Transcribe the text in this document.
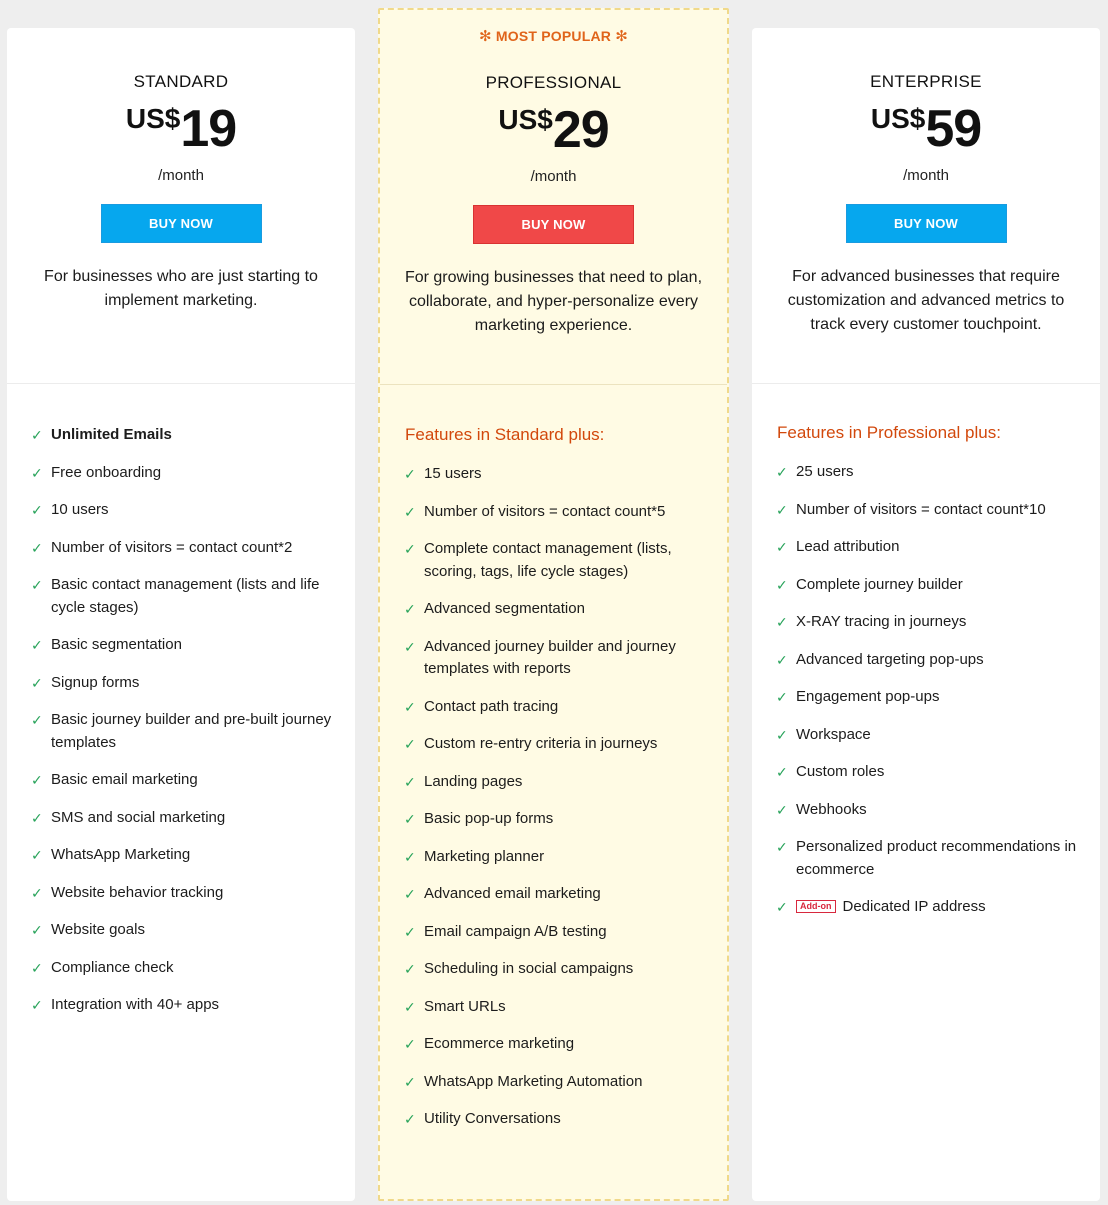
STANDARD
US$19
/month
BUY NOW

For businesses who are just starting to implement marketing.

✓ Unlimited Emails
✓ Free onboarding
✓ 10 users
✓ Number of visitors = contact count*2
✓ Basic contact management (lists and life cycle stages)
✓ Basic segmentation
✓ Signup forms
✓ Basic journey builder and pre-built journey templates
✓ Basic email marketing
✓ SMS and social marketing
✓ WhatsApp Marketing
✓ Website behavior tracking
✓ Website goals
✓ Compliance check
✓ Integration with 40+ apps
✻ MOST POPULAR ✻
PROFESSIONAL
US$29
/month
BUY NOW

For growing businesses that need to plan, collaborate, and hyper-personalize every marketing experience.

Features in Standard plus:
✓ 15 users
✓ Number of visitors = contact count*5
✓ Complete contact management (lists, scoring, tags, life cycle stages)
✓ Advanced segmentation
✓ Advanced journey builder and journey templates with reports
✓ Contact path tracing
✓ Custom re-entry criteria in journeys
✓ Landing pages
✓ Basic pop-up forms
✓ Marketing planner
✓ Advanced email marketing
✓ Email campaign A/B testing
✓ Scheduling in social campaigns
✓ Smart URLs
✓ Ecommerce marketing
✓ WhatsApp Marketing Automation
✓ Utility Conversations
ENTERPRISE
US$59
/month
BUY NOW

For advanced businesses that require customization and advanced metrics to track every customer touchpoint.

Features in Professional plus:
✓ 25 users
✓ Number of visitors = contact count*10
✓ Lead attribution
✓ Complete journey builder
✓ X-RAY tracing in journeys
✓ Advanced targeting pop-ups
✓ Engagement pop-ups
✓ Workspace
✓ Custom roles
✓ Webhooks
✓ Personalized product recommendations in ecommerce
✓ Add-on Dedicated IP address
